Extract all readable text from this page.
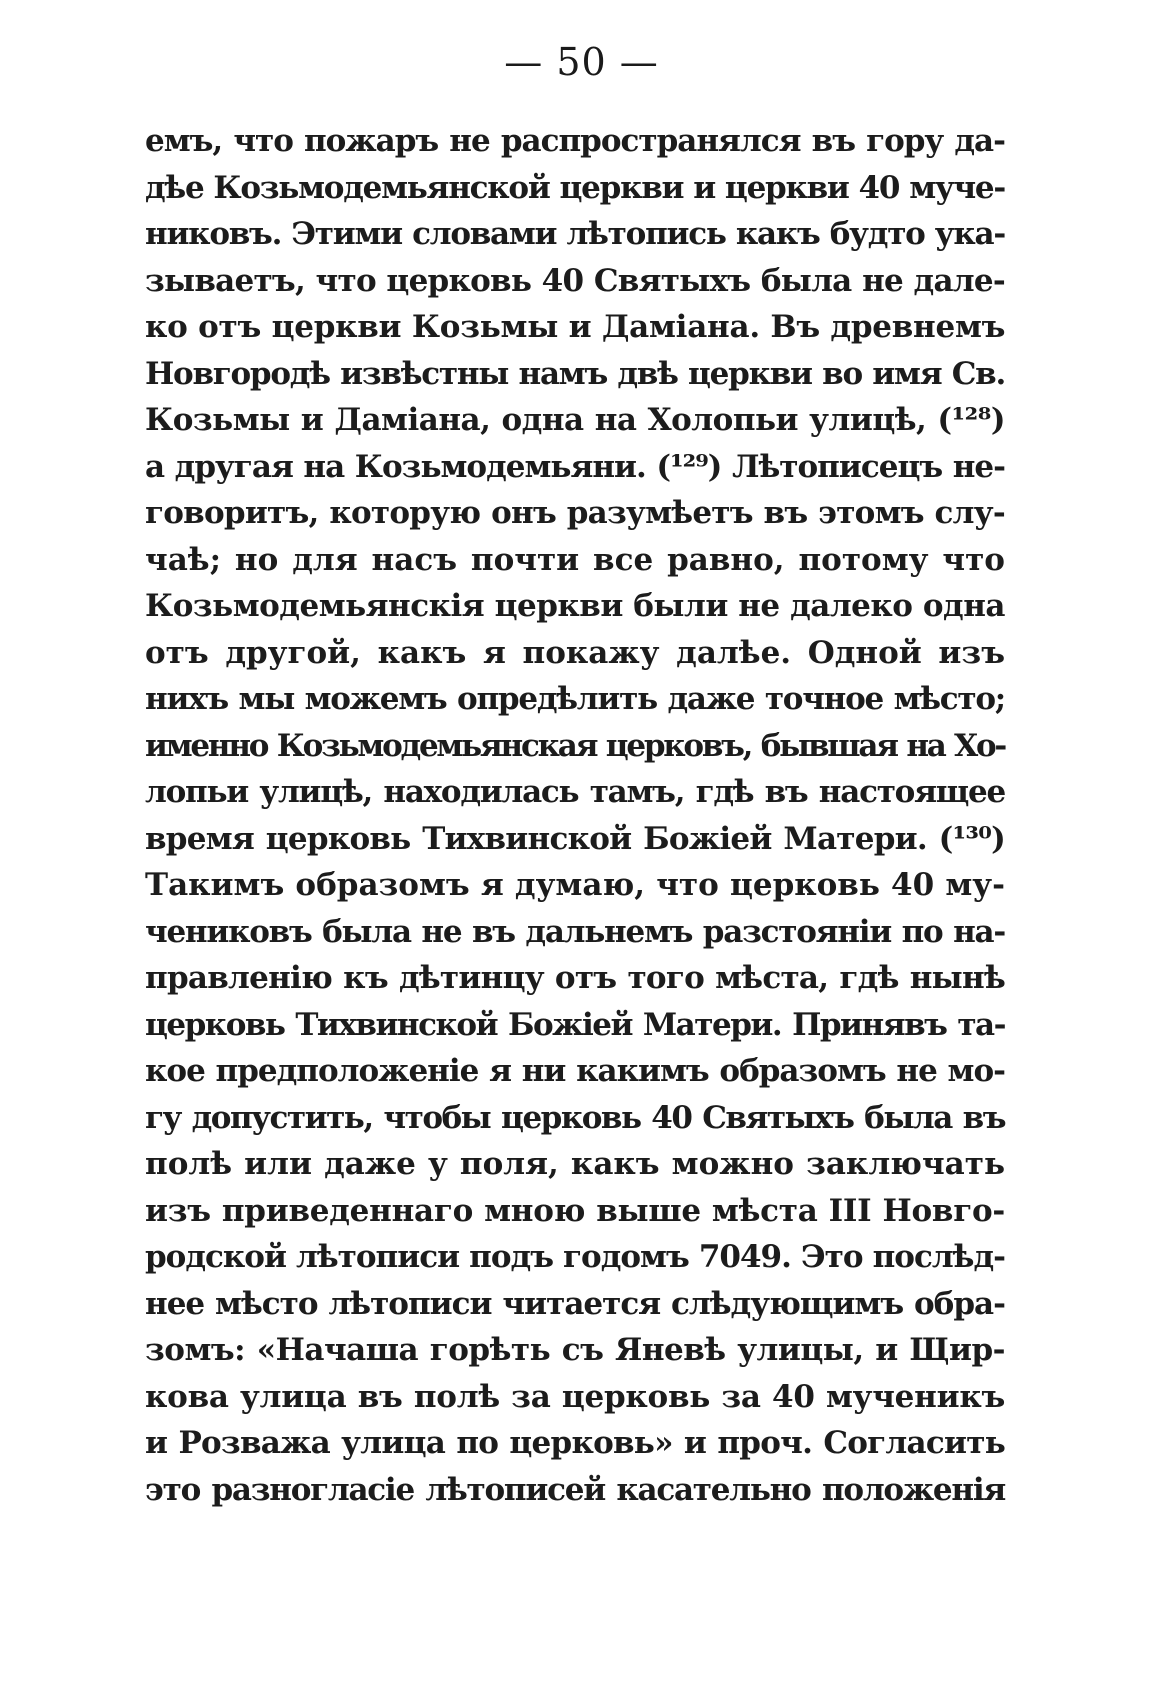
— 50 —
емъ, что пожаръ не распространялся въ гору да-
дѣе Козьмодемьянской церкви и церкви 40 муче-
никовъ. Этими словами лѣтопись какъ будто ука-
зываетъ, что церковь 40 Святыхъ была не дале-
ко отъ церкви Козьмы и Даміана. Въ древнемъ
Новгородѣ извѣстны намъ двѣ церкви во имя Св.
Козьмы и Даміана, одна на Холопьи улицѣ, (¹²⁸)
а другая на Козьмодемьяни. (¹²⁹) Лѣтописецъ не-
говоритъ, которую онъ разумѣетъ въ этомъ слу-
чаѣ; но для насъ почти все равно, потому что
Козьмодемьянскія церкви были не далеко одна
отъ другой, какъ я покажу далѣе. Одной изъ
нихъ мы можемъ опредѣлить даже точное мѣсто;
именно Козьмодемьянская церковъ, бывшая на Хо-
лопьи улицѣ, находилась тамъ, гдѣ въ настоящее
время церковь Тихвинской Божіей Матери. (¹³⁰)
Такимъ образомъ я думаю, что церковь 40 му-
чениковъ была не въ дальнемъ разстояніи по на-
правленію къ дѣтинцу отъ того мѣста, гдѣ нынѣ
церковь Тихвинской Божіей Матери. Принявъ та-
кое предположеніе я ни какимъ образомъ не мо-
гу допустить, чтобы церковь 40 Святыхъ была въ
полѣ или даже у поля, какъ можно заключать
изъ приведеннаго мною выше мѣста III Новго-
родской лѣтописи подъ годомъ 7049. Это послѣд-
нее мѣсто лѣтописи читается слѣдующимъ обра-
зомъ: «Начаша горѣть съ Яневѣ улицы, и Щир-
кова улица въ полѣ за церковь за 40 мученикъ
и Розважа улица по церковь» и проч. Согласить
это разногласіе лѣтописей касательно положенія
